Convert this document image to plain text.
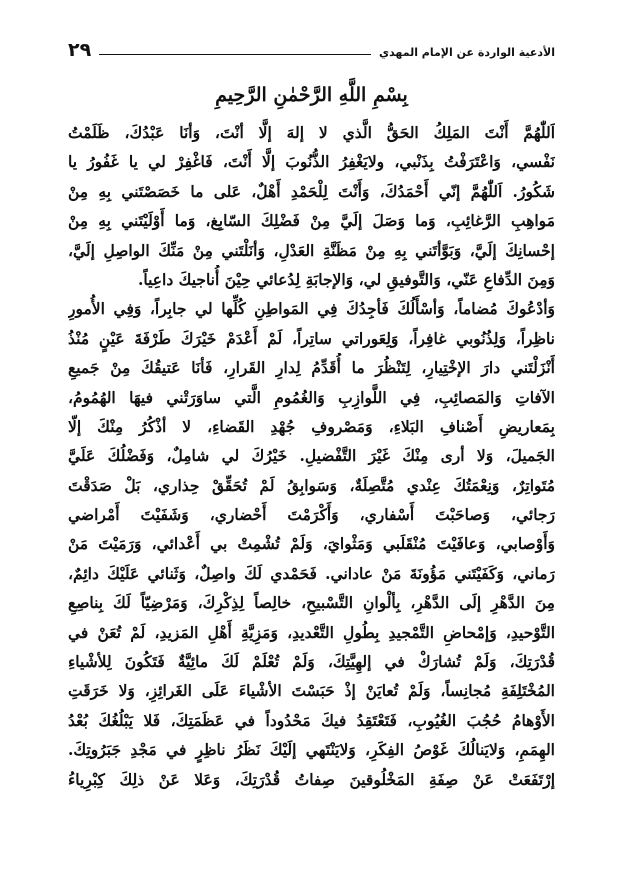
٢٩	الأدعية الواردة عن الإمام المهدي
بِسْمِ اللَّهِ الرَّحْمٰنِ الرَّحِيمِ
اَللّٰهُمَّ أَنْتَ المَلِكُ الحَقُّ الَّذي لا إلهَ إلَّا أنْتَ، وَأنَا عَبْدُكَ، ظَلَمْتُ
نَفْسي، وَاعْتَرَفْتُ بِذَنْبي، ولايَغْفِرُ الذُّنُوبَ إلَّا أَنْتَ، فَاغْفِرْ لي يا غَفُورُ يا
شَكُورُ. اَللّٰهُمَّ إنّي أَحْمَدُكَ، وَأَنْتَ لِلْحَمْدِ أَهْلٌ، عَلى ما خَصَصْتَني بِهِ مِنْ
مَواهِبِ الرَّغائِبِ، وَما وَصَلَ إلَيَّ مِنْ فَضْلِكَ السّابِغ، وَما أَوْلَيْتَني بِهِ مِنْ
إحْسانِكَ إلَيَّ، وَبَوَّأتَني بِهِ مِنْ مَظَنَّةِ العَدْلِ، وَأنَلْتَني مِنْ مَنِّكَ الواصِلِ إلَيَّ،
وَمِنَ الدِّفاعِ عَنّي، وَالتَّوفيقِ لي، وَالإجابَةِ لِدُعائي حِيْنَ أُناجيكَ داعِياً.
وَأدْعُوكَ مُضاماً، وَأسْأَلُكَ فَأجِدُكَ فِي المَواطِنِ كُلِّها لي جابِراً، وَفِي الأُمورِ
ناظِراً، وَلِذُنُوبي غافِراً، وَلِعَوراتي ساتِراً، لَمْ أَعْدَمْ خَيْرَكَ طَرْفَةَ عَيْنٍ مُنْذُ
أَنْزَلْتَني دارَ الإخْتِيارِ، لِتَنْظُرَ ما أُقَدِّمُ لِدارِ القَرارِ، فَأنَا عَتيقُكَ مِنْ جَميعِ
الآفاتِ وَالمَصائِبِ، فِي اللَّوازِبِ وَالغُمُومِ الَّتي ساوَرَتْني فيهَا الهُمُومُ،
بِمَعاريضِ أَصْنافِ البَلاءِ، وَمَصْروفِ جُهْدِ القَضاءِ، لا أذْكُرُ مِنْكَ إلّا
الجَميلَ، وَلا أرى مِنْكَ غَيْرَ التَّفْضيلِ. خَيْرُكَ لي شامِلٌ، وَفَضْلُكَ عَلَيَّ
مُتَواتِرٌ، وَنِعْمَتُكَ عِنْدي مُتَّصِلَةٌ، وَسَوابِقُ لَمْ تُحَقِّقْ حِذاري، بَلْ صَدَقْتَ
رَجائي، وَصاحَبْتَ أَسْفاري، وَأَكْرَمْتَ أَحْضاري، وَشَفَيْتَ أَمْراضي
وَأَوْصابي، وَعافَيْتَ مُنْقَلَبي وَمَثْوايَ، وَلَمْ تُشْمِتْ بي أَعْدائي، وَرَمَيْتَ مَنْ
رَماني، وَكَفَيْتَني مَؤُونَةَ مَنْ عاداني. فَحَمْدي لَكَ واصِلٌ، وَثَنائي عَلَيْكَ دائِمٌ،
مِنَ الدَّهْرِ إلَى الدَّهْرِ، بِألْوانِ التَّسْبيحِ، خالِصاً لِذِكْرِكَ، وَمَرْضِيّاً لَكَ بِناصِعِ
التَّوْحيدِ، وَإمْحاضِ التَّمْجيدِ بِطُولِ التَّعْديدِ، وَمَزِيَّةِ أَهْلِ المَزيدِ، لَمْ تُعَنْ في
قُدْرَتِكَ، وَلَمْ تُشارَكْ في إلهِيَّتِكَ، وَلَمْ تُعْلَمْ لَكَ مائِيَّةٌ فَتَكُونَ لِلأشْياءِ
المُخْتَلِفَةِ مُجانِساً، وَلَمْ تُعايَنْ إذْ حَبَسْتَ الأشْياءَ عَلَى الغَرائِزِ، وَلا خَرَقَتِ
الأَوْهامُ حُجُبَ الغُيُوبِ، فَتَعْتَقِدُ فيكَ مَحْدُوداً في عَظَمَتِكَ، فَلا يَبْلُغُكَ بُعْدُ
الهِمَمِ، وَلايَنالُكَ غَوْصُ الفِكَرِ، وَلايَنْتَهي إلَيْكَ نَظَرُ ناظِرٍ في مَجْدِ جَبَرُوتِكَ.
إرْتَفَعَتْ عَنْ صِفَةِ المَخْلُوقينَ صِفاتُ قُدْرَتِكَ، وَعَلا عَنْ ذلِكَ كِبْرِياءُ
